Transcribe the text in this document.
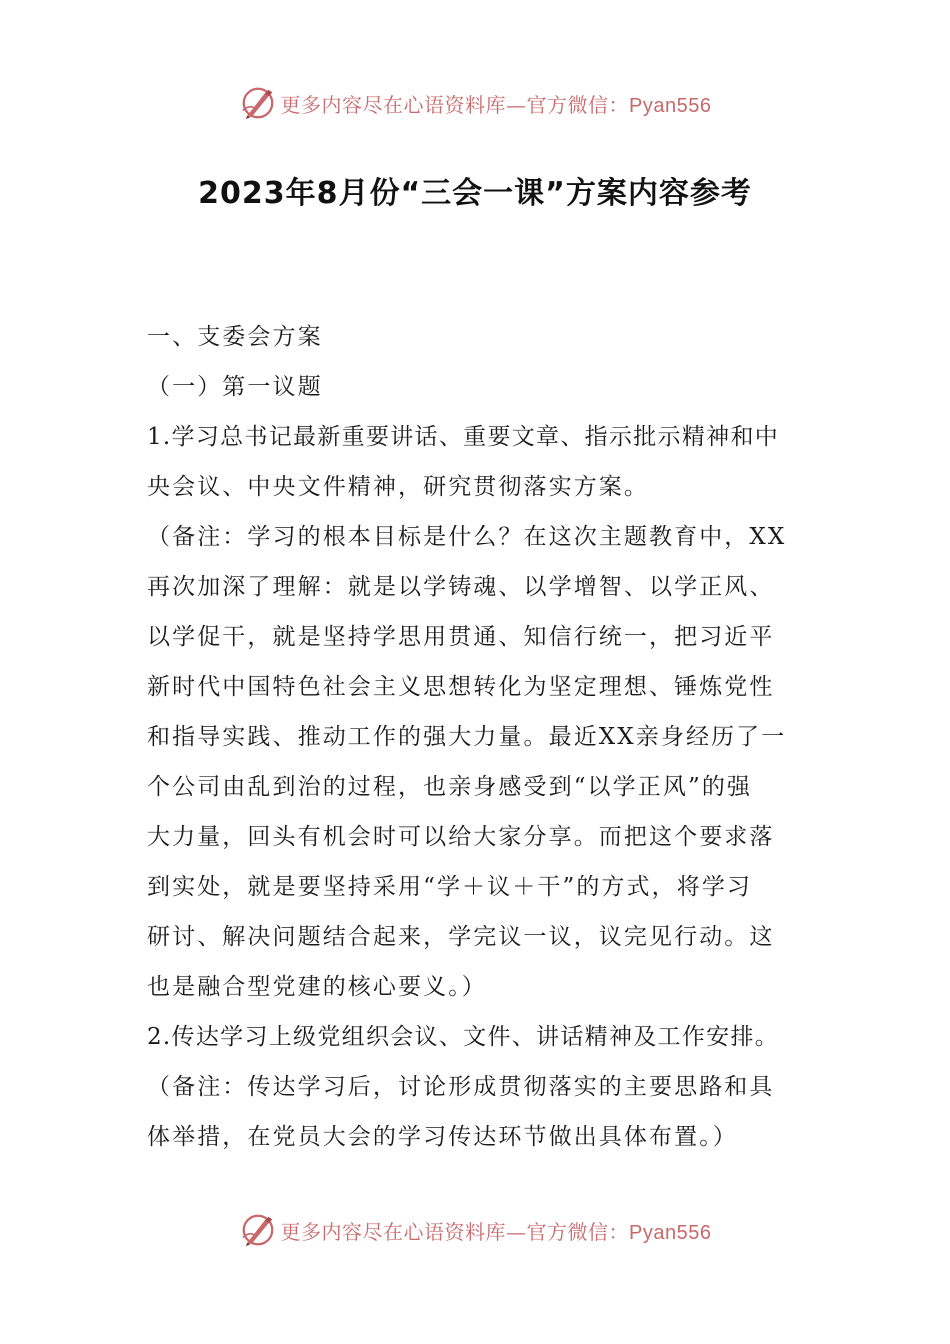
更多内容尽在心语资料库—官方微信：Pyan556
2023年8月份“三会一课”方案内容参考
一、支委会方案
（一）第一议题
1.学习总书记最新重要讲话、重要文章、指示批示精神和中
央会议、中央文件精神，研究贯彻落实方案。
（备注：学习的根本目标是什么？在这次主题教育中，XX
再次加深了理解：就是以学铸魂、以学增智、以学正风、
以学促干，就是坚持学思用贯通、知信行统一，把习近平
新时代中国特色社会主义思想转化为坚定理想、锤炼党性
和指导实践、推动工作的强大力量。最近XX亲身经历了一
个公司由乱到治的过程，也亲身感受到“以学正风”的强
大力量，回头有机会时可以给大家分享。而把这个要求落
到实处，就是要坚持采用“学＋议＋干”的方式，将学习
研讨、解决问题结合起来，学完议一议，议完见行动。这
也是融合型党建的核心要义。）
2.传达学习上级党组织会议、文件、讲话精神及工作安排。
（备注：传达学习后，讨论形成贯彻落实的主要思路和具
体举措，在党员大会的学习传达环节做出具体布置。）
更多内容尽在心语资料库—官方微信：Pyan556
